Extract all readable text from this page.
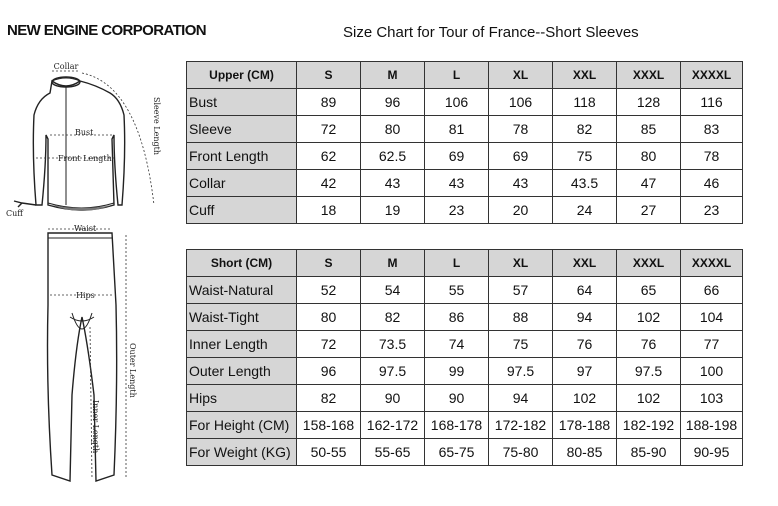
NEW ENGINE CORPORATION	Size Chart for Tour of France--Short Sleeves
Collar
Bust
Front Length
Sleeve Length
Cuff
Waist
Hips
Outer Length
Inner Length
Upper (CM)	S	M	L	XL	XXL	XXXL	XXXXL
Bust	89	96	106	106	118	128	116
Sleeve	72	80	81	78	82	85	83
Front Length	62	62.5	69	69	75	80	78
Collar	42	43	43	43	43.5	47	46
Cuff	18	19	23	20	24	27	23
Short (CM)	S	M	L	XL	XXL	XXXL	XXXXL
Waist-Natural	52	54	55	57	64	65	66
Waist-Tight	80	82	86	88	94	102	104
Inner Length	72	73.5	74	75	76	76	77
Outer Length	96	97.5	99	97.5	97	97.5	100
Hips	82	90	90	94	102	102	103
For Height (CM)	158-168	162-172	168-178	172-182	178-188	182-192	188-198
For Weight (KG)	50-55	55-65	65-75	75-80	80-85	85-90	90-95
